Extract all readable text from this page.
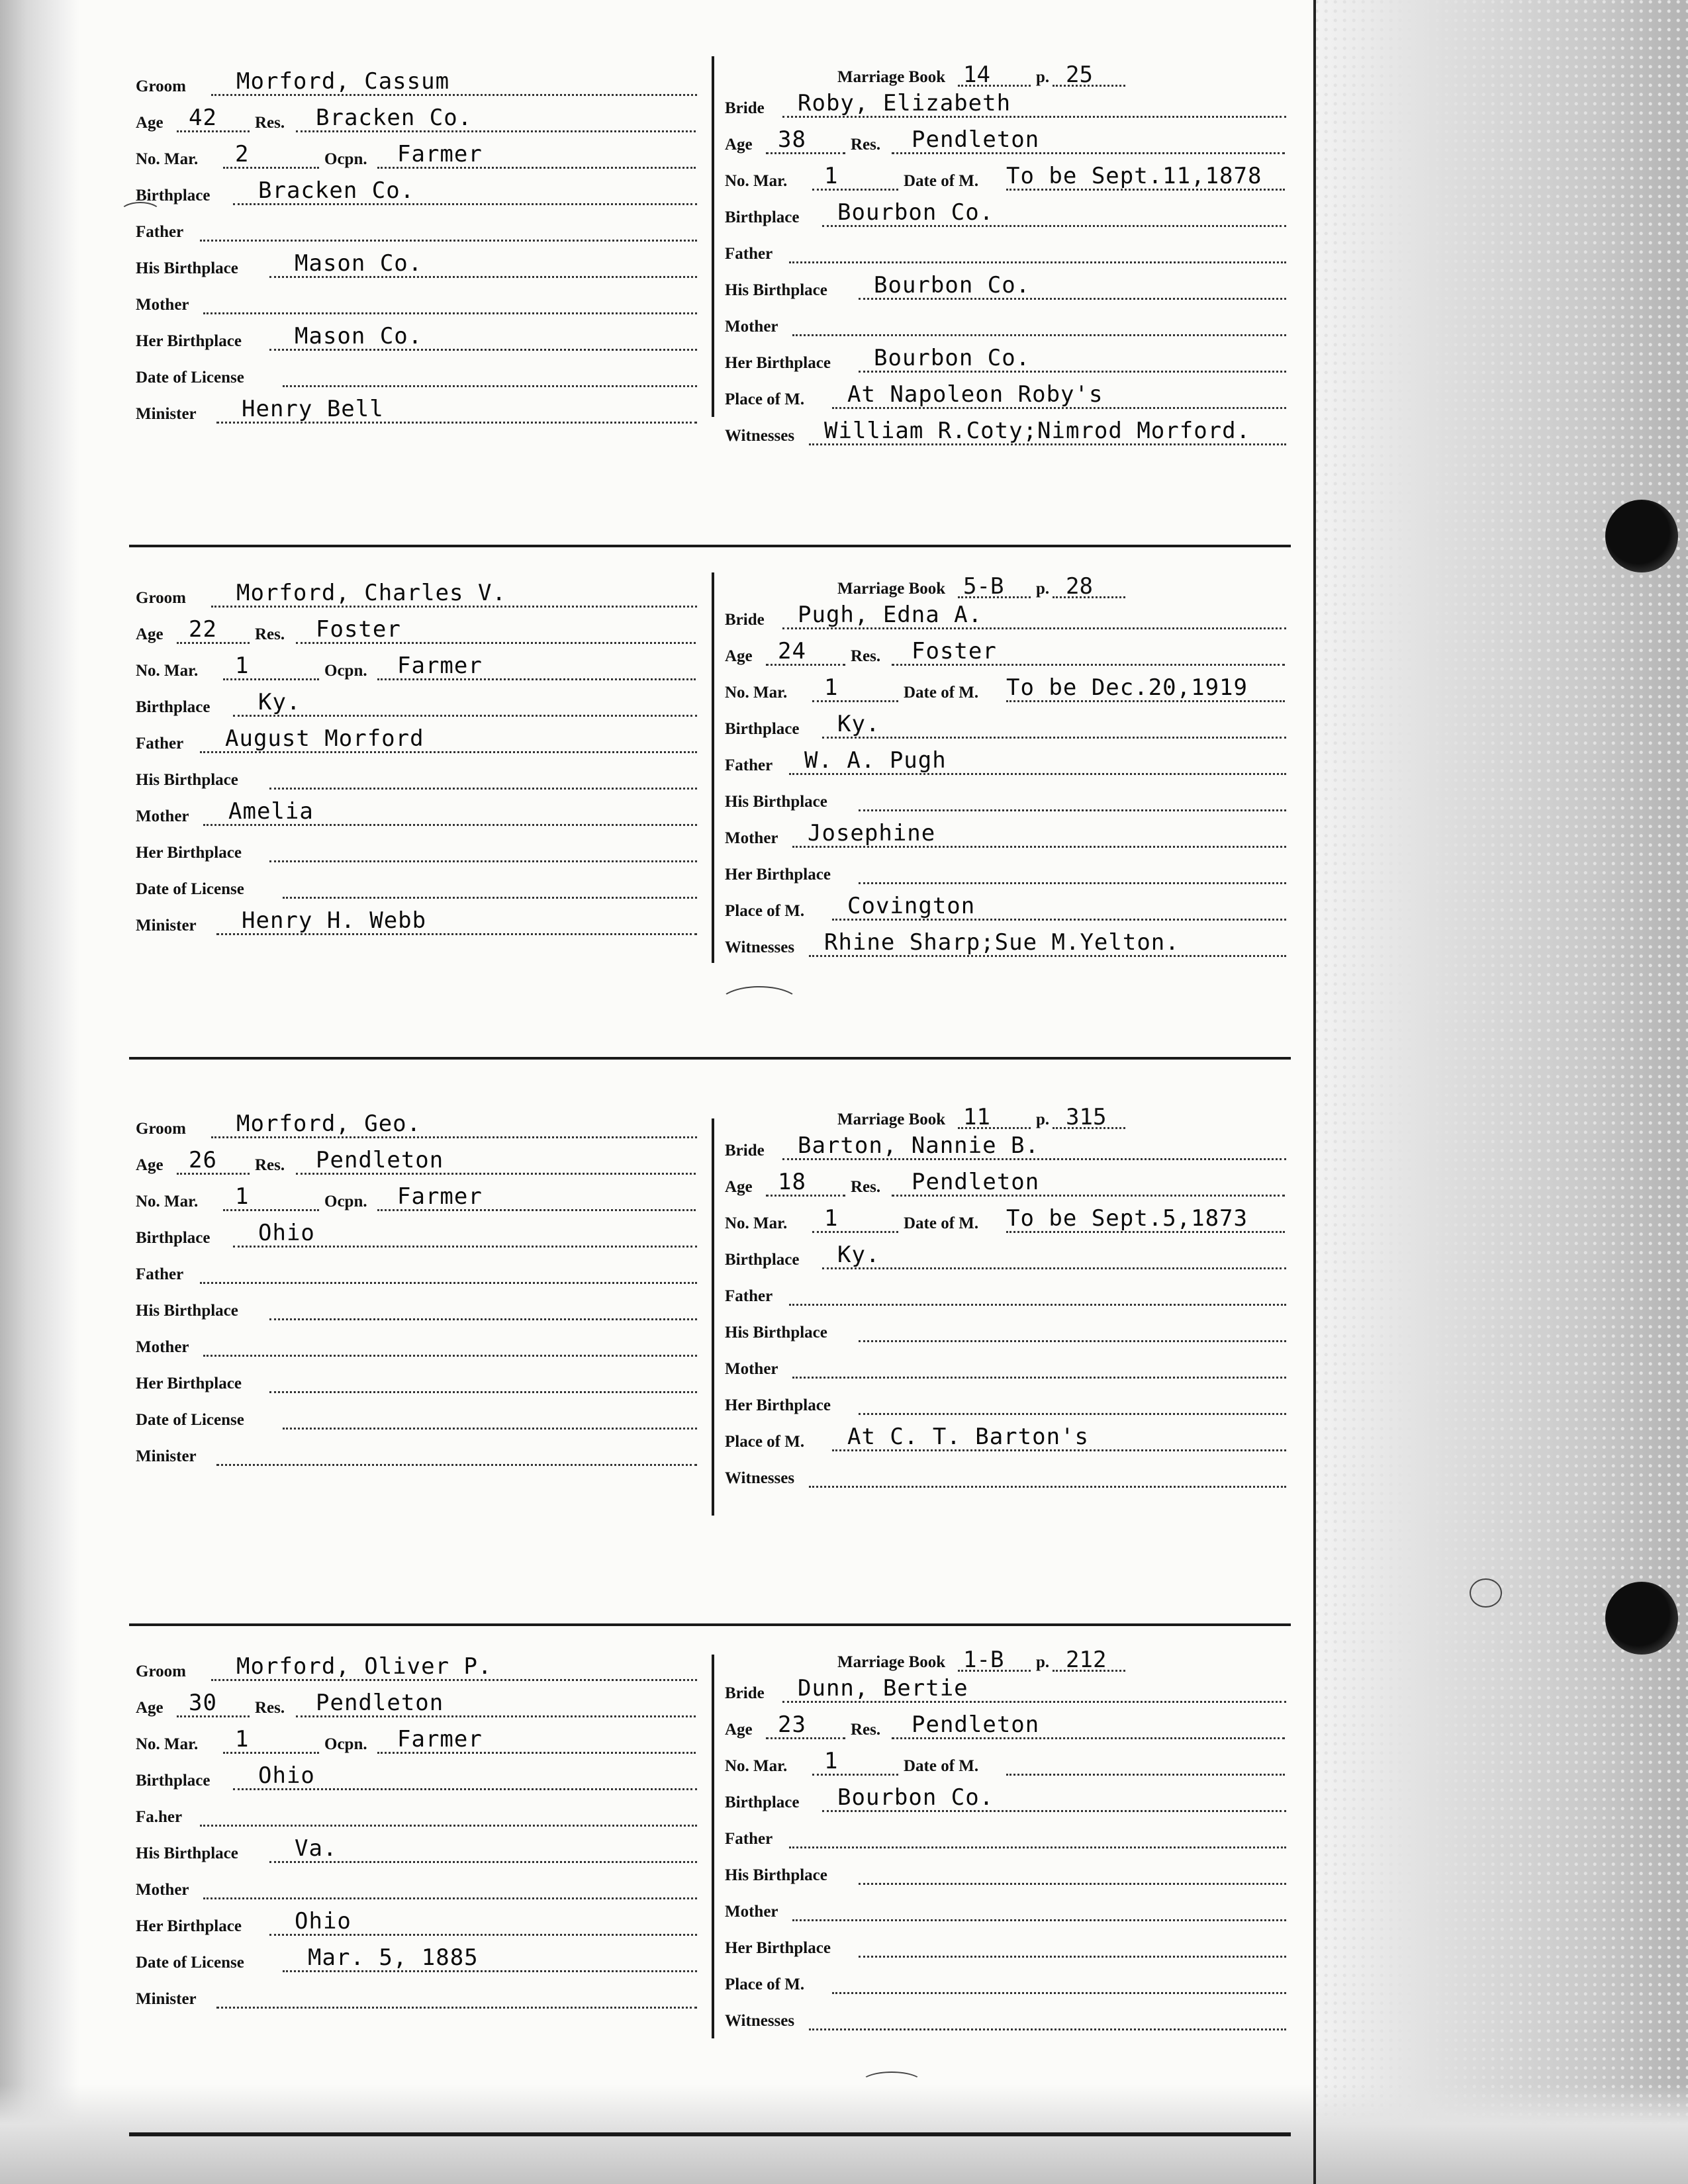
Groom Morford, Cassum
Age 42 Res. Bracken Co.
No. Mar. 2	Ocpn. Farmer
Birthplace Bracken Co.
Father
His Birthplace	Mason Co.
Mother
Her Birthplace Mason Co.
Date of License
Minister Henry Bell
Marriage Book 14	p. 25
Bride Roby, Elizabeth
Age 38	Res. Pendleton
No. Mar. 1	Date of M. To be Sept.11,1878
Birthplace Bourbon Co.
Father
His Birthplace Bourbon Co.
Mother
Her Birthplace Bourbon Co.
Place of M. At Napoleon Roby's
Witnesses William R.Coty;Nimrod Morford.
Groom Morford, Charles V.
Age 22 Res. Foster
No. Mar. 1	Ocpn. Farmer
Birthplace Ky.
Father August Morford
His Birthplace
Mother Amelia
Her Birthplace
Date of License
Minister Henry H. Webb
Marriage Book 5-B p. 28
Bride Pugh, Edna A.
Age 24	Res. Foster
No. Mar. 1	Date of M. To be Dec.20,1919
Birthplace Ky.
Father W. A. Pugh
His Birthplace
Mother Josephine
Her Birthplace
Place of M. Covington
Witnesses Rhine Sharp;Sue M.Yelton.
Groom Morford, Geo.
Age 26 Res. Pendleton
No. Mar. 1	Ocpn. Farmer
Birthplace Ohio
Father
His Birthplace
Mother
Her Birthplace
Date of License
Minister
Marriage Book 11	p. 315
Bride Barton, Nannie B.
Age 18	Res. Pendleton
No. Mar. 1	Date of M. To be Sept.5,1873
Birthplace Ky.
Father
His Birthplace
Mother
Her Birthplace
Place of M. At C. T. Barton's
Witnesses
Groom Morford, Oliver P.
Age 30 Res. Pendleton
No. Mar. 1	Ocpn. Farmer
Birthplace Ohio
Fa.her
His Birthplace	Va.
Mother
Her Birthplace Ohio
Date of License	Mar. 5, 1885
Minister
Marriage Book 1-B p. 212
Bride Dunn, Bertie
Age 23	Res. Pendleton
No. Mar. 1	Date of M.
Birthplace Bourbon Co.
Father
His Birthplace
Mother
Her Birthplace
Place of M.
Witnesses
